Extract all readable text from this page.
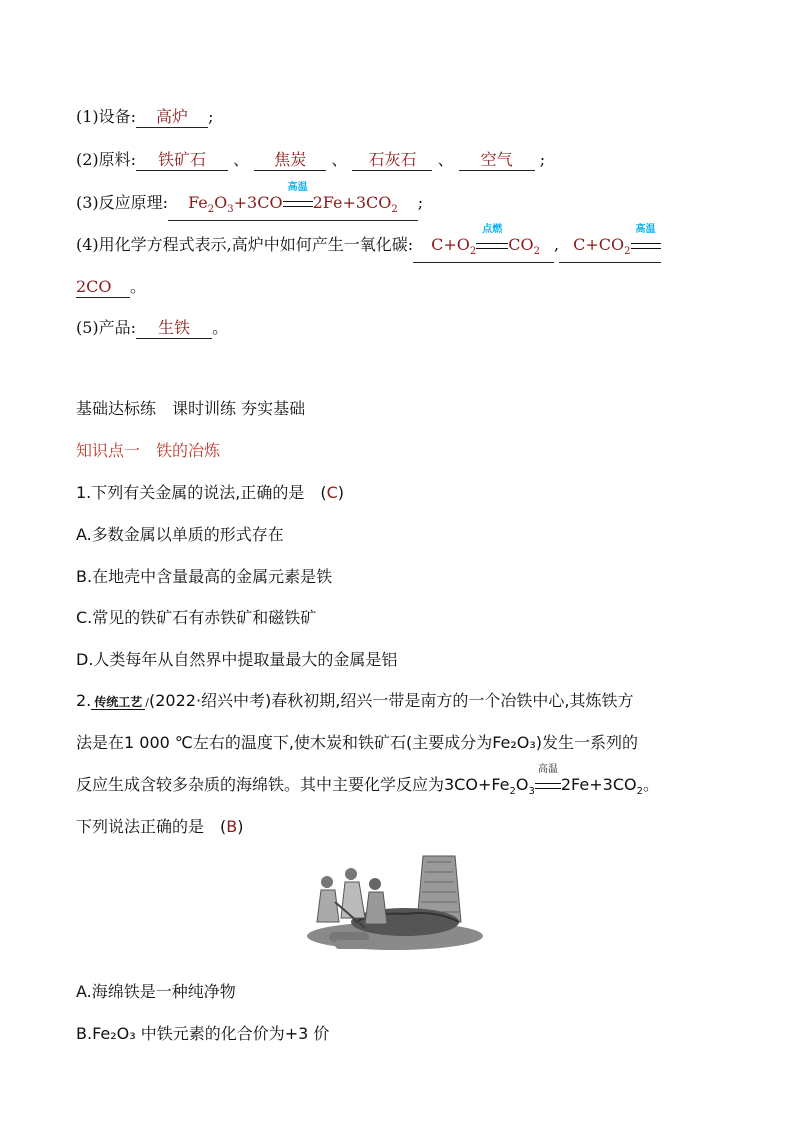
(1)设备: 高炉 ;
(2)原料: 铁矿石 、 焦炭 、 石灰石 、 空气 ;
(3)反应原理: $Fe_2O_3+3CO$
高温
$2Fe+3CO_2$ ;
(4)用化学方程式表示,高炉中如何产生一氧化碳: $C+O_2$
点燃
$CO_2$ , $C+CO_2$
高温
2CO 。
(5)产品: 生铁 。
基础达标练　课时训练 夯实基础
知识点一　铁的冶炼
1.下列有关金属的说法,正确的是　(C)
A.多数金属以单质的形式存在
B.在地壳中含量最高的金属元素是铁
C.常见的铁矿石有赤铁矿和磁铁矿
D.人类每年从自然界中提取量最大的金属是铝
2. 传统工艺 /(2022·绍兴中考)春秋初期,绍兴一带是南方的一个冶铁中心,其炼铁方
法是在1 000 ℃左右的温度下,使木炭和铁矿石(主要成分为Fe₂O₃)发生一系列的
反应生成含较多杂质的海绵铁。其中主要化学反应为$3CO+Fe_2O_3$
高温
$2Fe+3CO_2$。
下列说法正确的是　(B)
A.海绵铁是一种纯净物
B.Fe₂O₃ 中铁元素的化合价为+3 价
